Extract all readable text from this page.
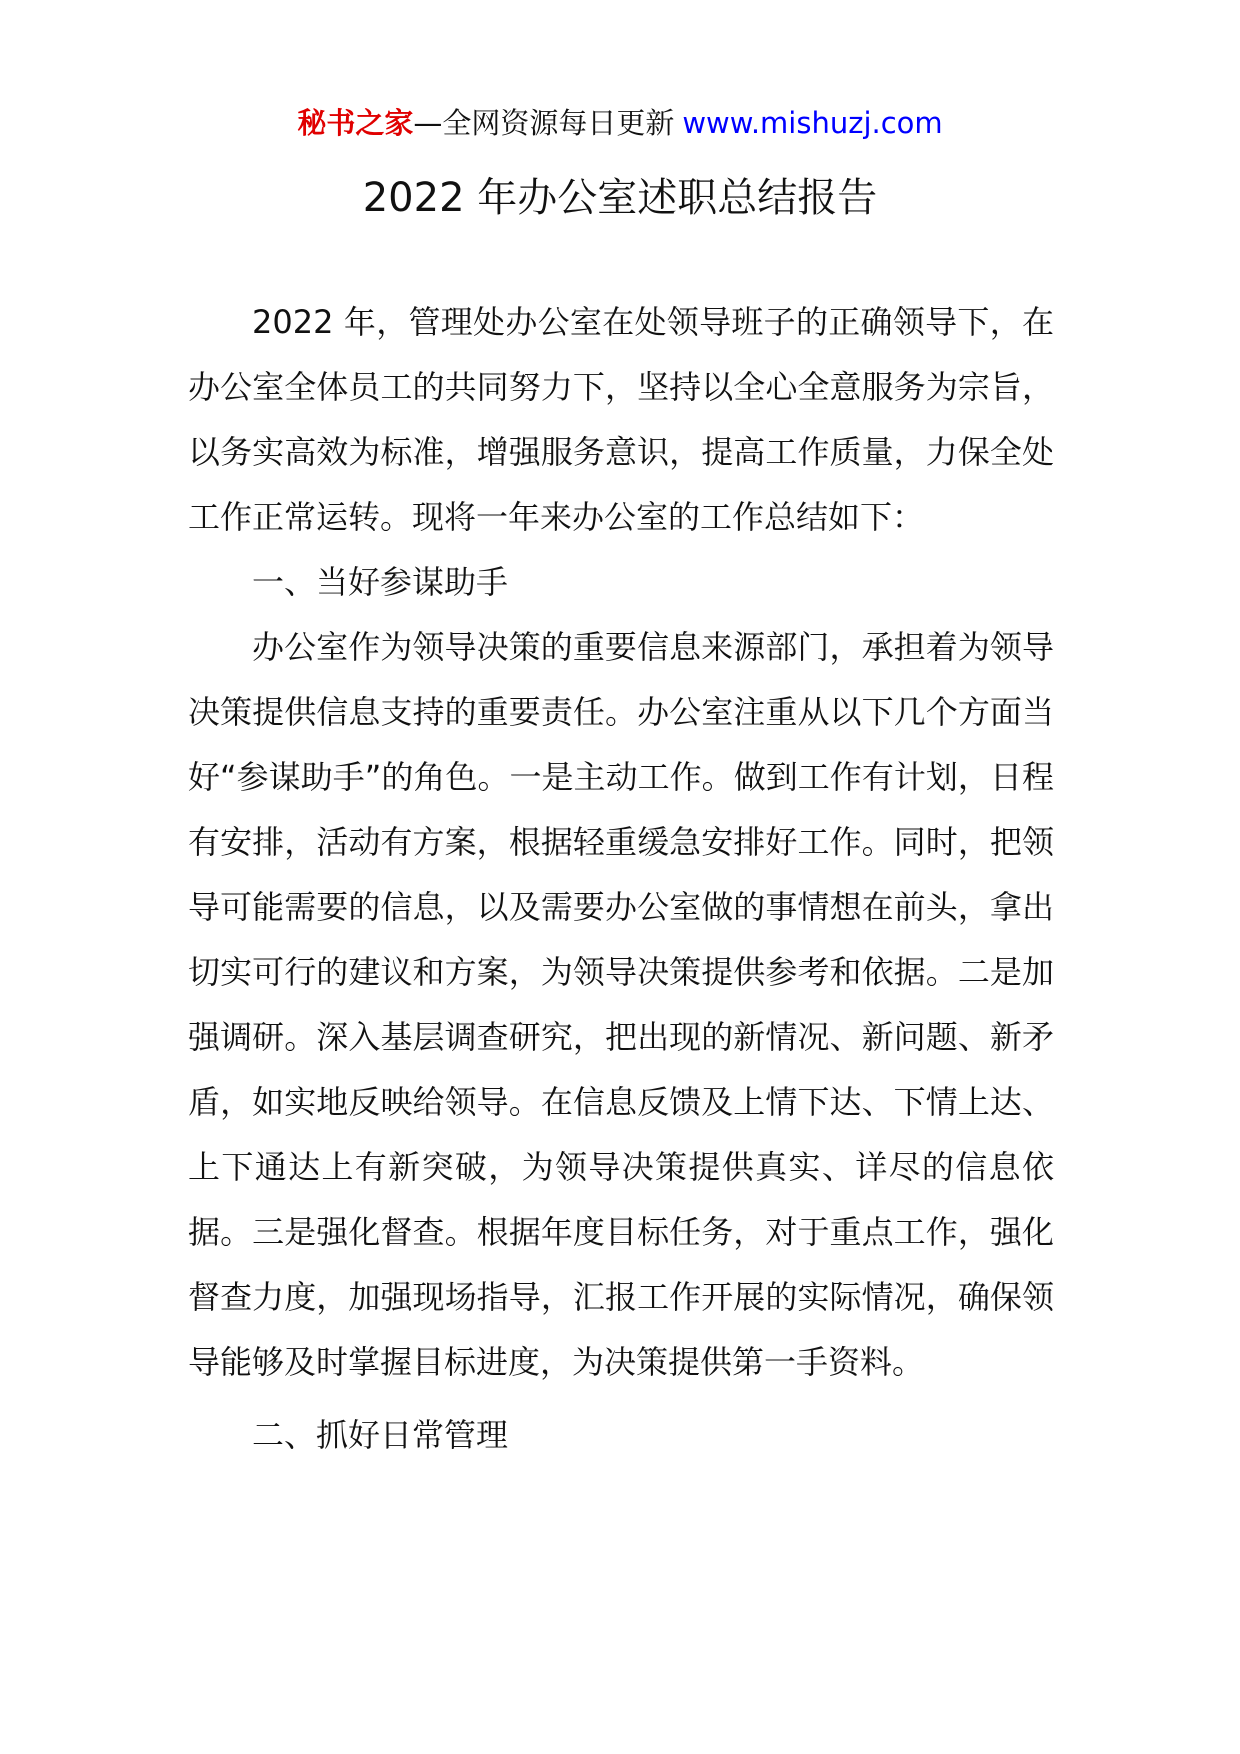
秘书之家—全网资源每日更新 www.mishuzj.com
2022 年办公室述职总结报告

2022 年，管理处办公室在处领导班子的正确领导下，在办公室全体员工的共同努力下，坚持以全心全意服务为宗旨，以务实高效为标准，增强服务意识，提高工作质量，力保全处工作正常运转。现将一年来办公室的工作总结如下：

一、当好参谋助手

办公室作为领导决策的重要信息来源部门，承担着为领导决策提供信息支持的重要责任。办公室注重从以下几个方面当好“参谋助手”的角色。一是主动工作。做到工作有计划，日程有安排，活动有方案，根据轻重缓急安排好工作。同时，把领导可能需要的信息，以及需要办公室做的事情想在前头，拿出切实可行的建议和方案，为领导决策提供参考和依据。二是加强调研。深入基层调查研究，把出现的新情况、新问题、新矛盾，如实地反映给领导。在信息反馈及上情下达、下情上达、上下通达上有新突破，为领导决策提供真实、详尽的信息依据。三是强化督查。根据年度目标任务，对于重点工作，强化督查力度，加强现场指导，汇报工作开展的实际情况，确保领导能够及时掌握目标进度，为决策提供第一手资料。

二、抓好日常管理
